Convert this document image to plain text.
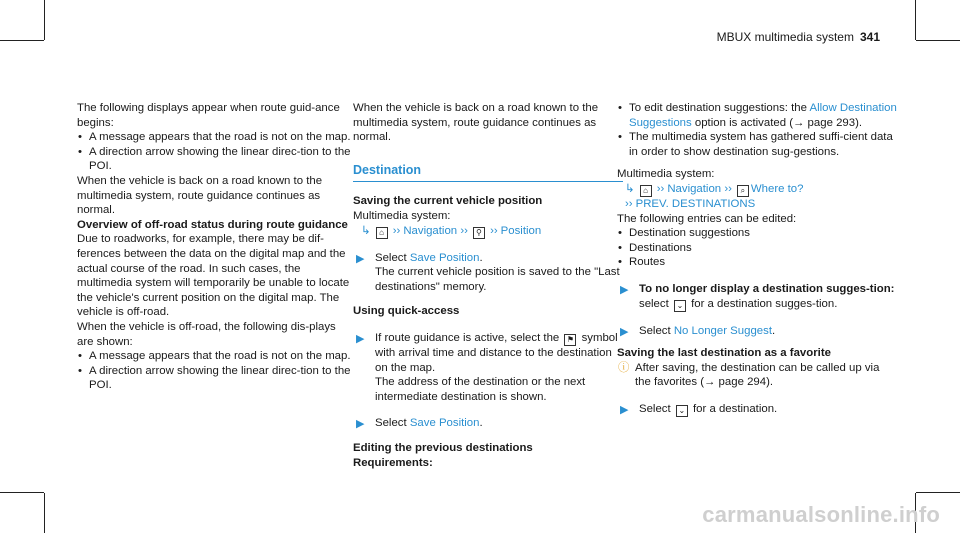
MBUX multimedia system 341

The following displays appear when route guid-ance begins:

• A message appears that the road is not on the map.

• A direction arrow showing the linear direc-tion to the POI.

When the vehicle is back on a road known to the multimedia system, route guidance continues as normal.

Overview of off-road status during route guidance

Due to roadworks, for example, there may be dif-ferences between the data on the digital map and the actual course of the road. In such cases, the multimedia system will temporarily be unable to locate the vehicle's current position on the digital map. The vehicle is off-road.

When the vehicle is off-road, the following dis-plays are shown:

• A message appears that the road is not on the map.

• A direction arrow showing the linear direc-tion to the POI.

When the vehicle is back on a road known to the multimedia system, route guidance continues as normal.

Destination

Saving the current vehicle position

Multimedia system:

↳ ⌂ ›› Navigation ›› ⚲ ›› Position

▶ Select Save Position.

The current vehicle position is saved to the "Last destinations" memory.

Using quick-access

▶ If route guidance is active, select the ⚑ symbol with arrival time and distance to the destination on the map.

The address of the destination or the next intermediate destination is shown.

▶ Select Save Position.

Editing the previous destinations

Requirements:

• To edit destination suggestions: the Allow Destination Suggestions option is activated (→ page 293).

• The multimedia system has gathered suffi-cient data in order to show destination sug-gestions.

Multimedia system:

↳ ⌂ ›› Navigation ›› ⌕ Where to?

›› PREV. DESTINATIONS

The following entries can be edited:

• Destination suggestions

• Destinations

• Routes

▶ To no longer display a destination sugges-tion: select ⌄ for a destination sugges-tion.

▶ Select No Longer Suggest.

Saving the last destination as a favorite

ⓘ After saving, the destination can be called up via the favorites (→ page 294).

▶ Select ⌄ for a destination.

carmanualsonline.info
